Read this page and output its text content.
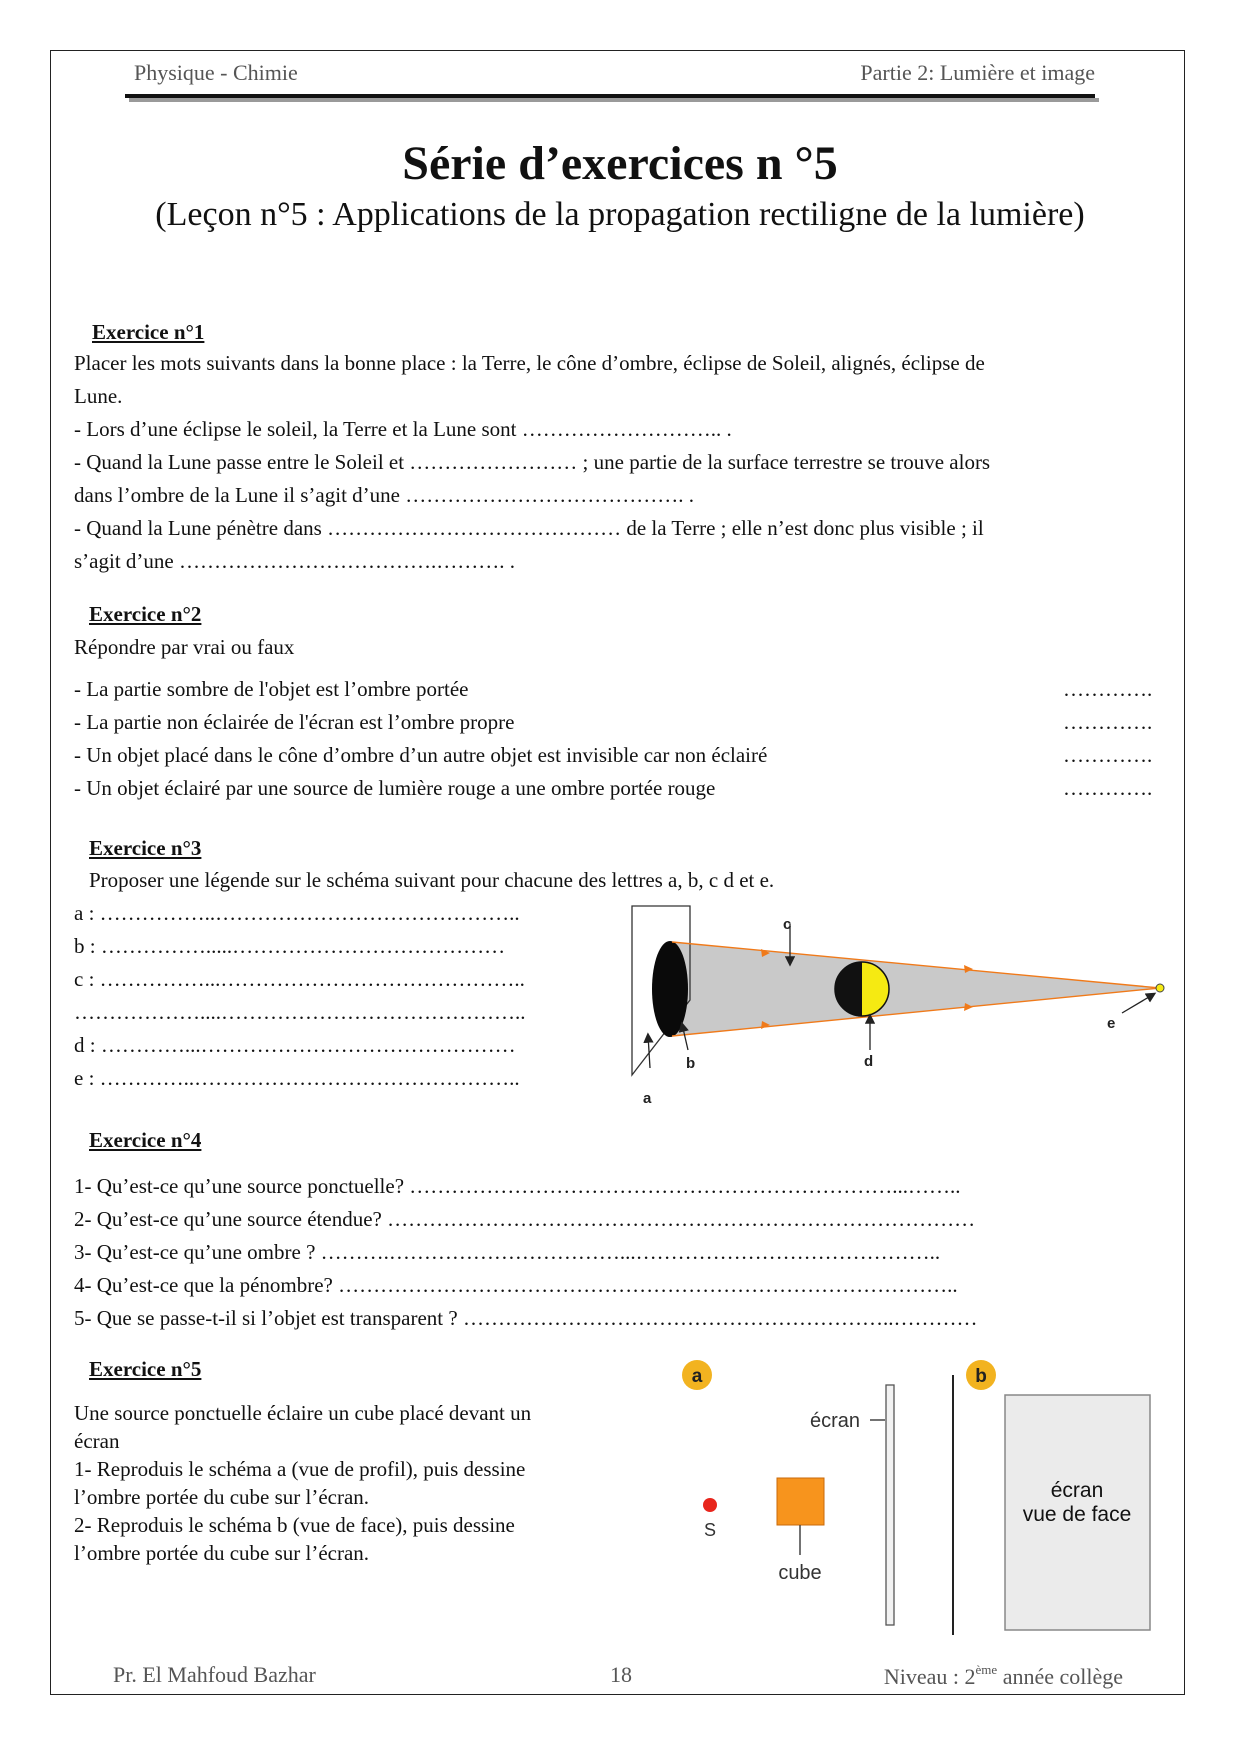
Physique - Chimie	Partie 2: Lumière et image
Série d’exercices n °5
(Leçon n°5 : Applications de la propagation rectiligne de la lumière)
Exercice n°1
Placer les mots suivants dans la bonne place : la Terre, le cône d’ombre, éclipse de Soleil, alignés, éclipse de
Lune.
- Lors d’une éclipse le soleil, la Terre et la Lune sont ……………………….. .
- Quand la Lune passe entre le Soleil et …………………… ; une partie de la surface terrestre se trouve alors
dans l’ombre de la Lune il s’agit d’une …………………………………. .
- Quand la Lune pénètre dans …………………………………… de la Terre ; elle n’est donc plus visible ; il
s’agit d’une ……………………………….………. .
Exercice n°2
Répondre par vrai ou faux
- La partie sombre de l'objet est l’ombre portée	………….
- La partie non éclairée de l'écran est l’ombre propre	………….
- Un objet placé dans le cône d’ombre d’un autre objet est invisible car non éclairé	………….
- Un objet éclairé par une source de lumière rouge a une ombre portée rouge	………….
Exercice n°3
Proposer une légende sur le schéma suivant pour chacune des lettres a, b, c d et e.
a : ……………..……………………………………..
b : …………….....…………………………………
c : ……………...……………………………………..
………………....……………………………………..
d : …………...………………………………………
e : …………..………………………………………..
c
d
b
a
e
Exercice n°4
1- Qu’est-ce qu’une source ponctuelle? ……………………………………………………………...……..
2- Qu’est-ce qu’une source étendue? …………………………………………………………………………
3- Qu’est-ce qu’une ombre ? ……….……………………………...……………………………………..
4- Qu’est-ce que la pénombre? ……………………………………………………………………………..
5- Que se passe-t-il si l’objet est transparent ? ……………………………………………………..…………
Exercice n°5
Une source ponctuelle éclaire un cube placé devant un
écran
1- Reproduis le schéma a (vue de profil), puis dessine
l’ombre portée du cube sur l’écran.
2- Reproduis le schéma b (vue de face), puis dessine
l’ombre portée du cube sur l’écran.
a	b
écran
S
cube
écran
vue de face
Pr. El Mahfoud Bazhar	18	Niveau : 2ème année collège
